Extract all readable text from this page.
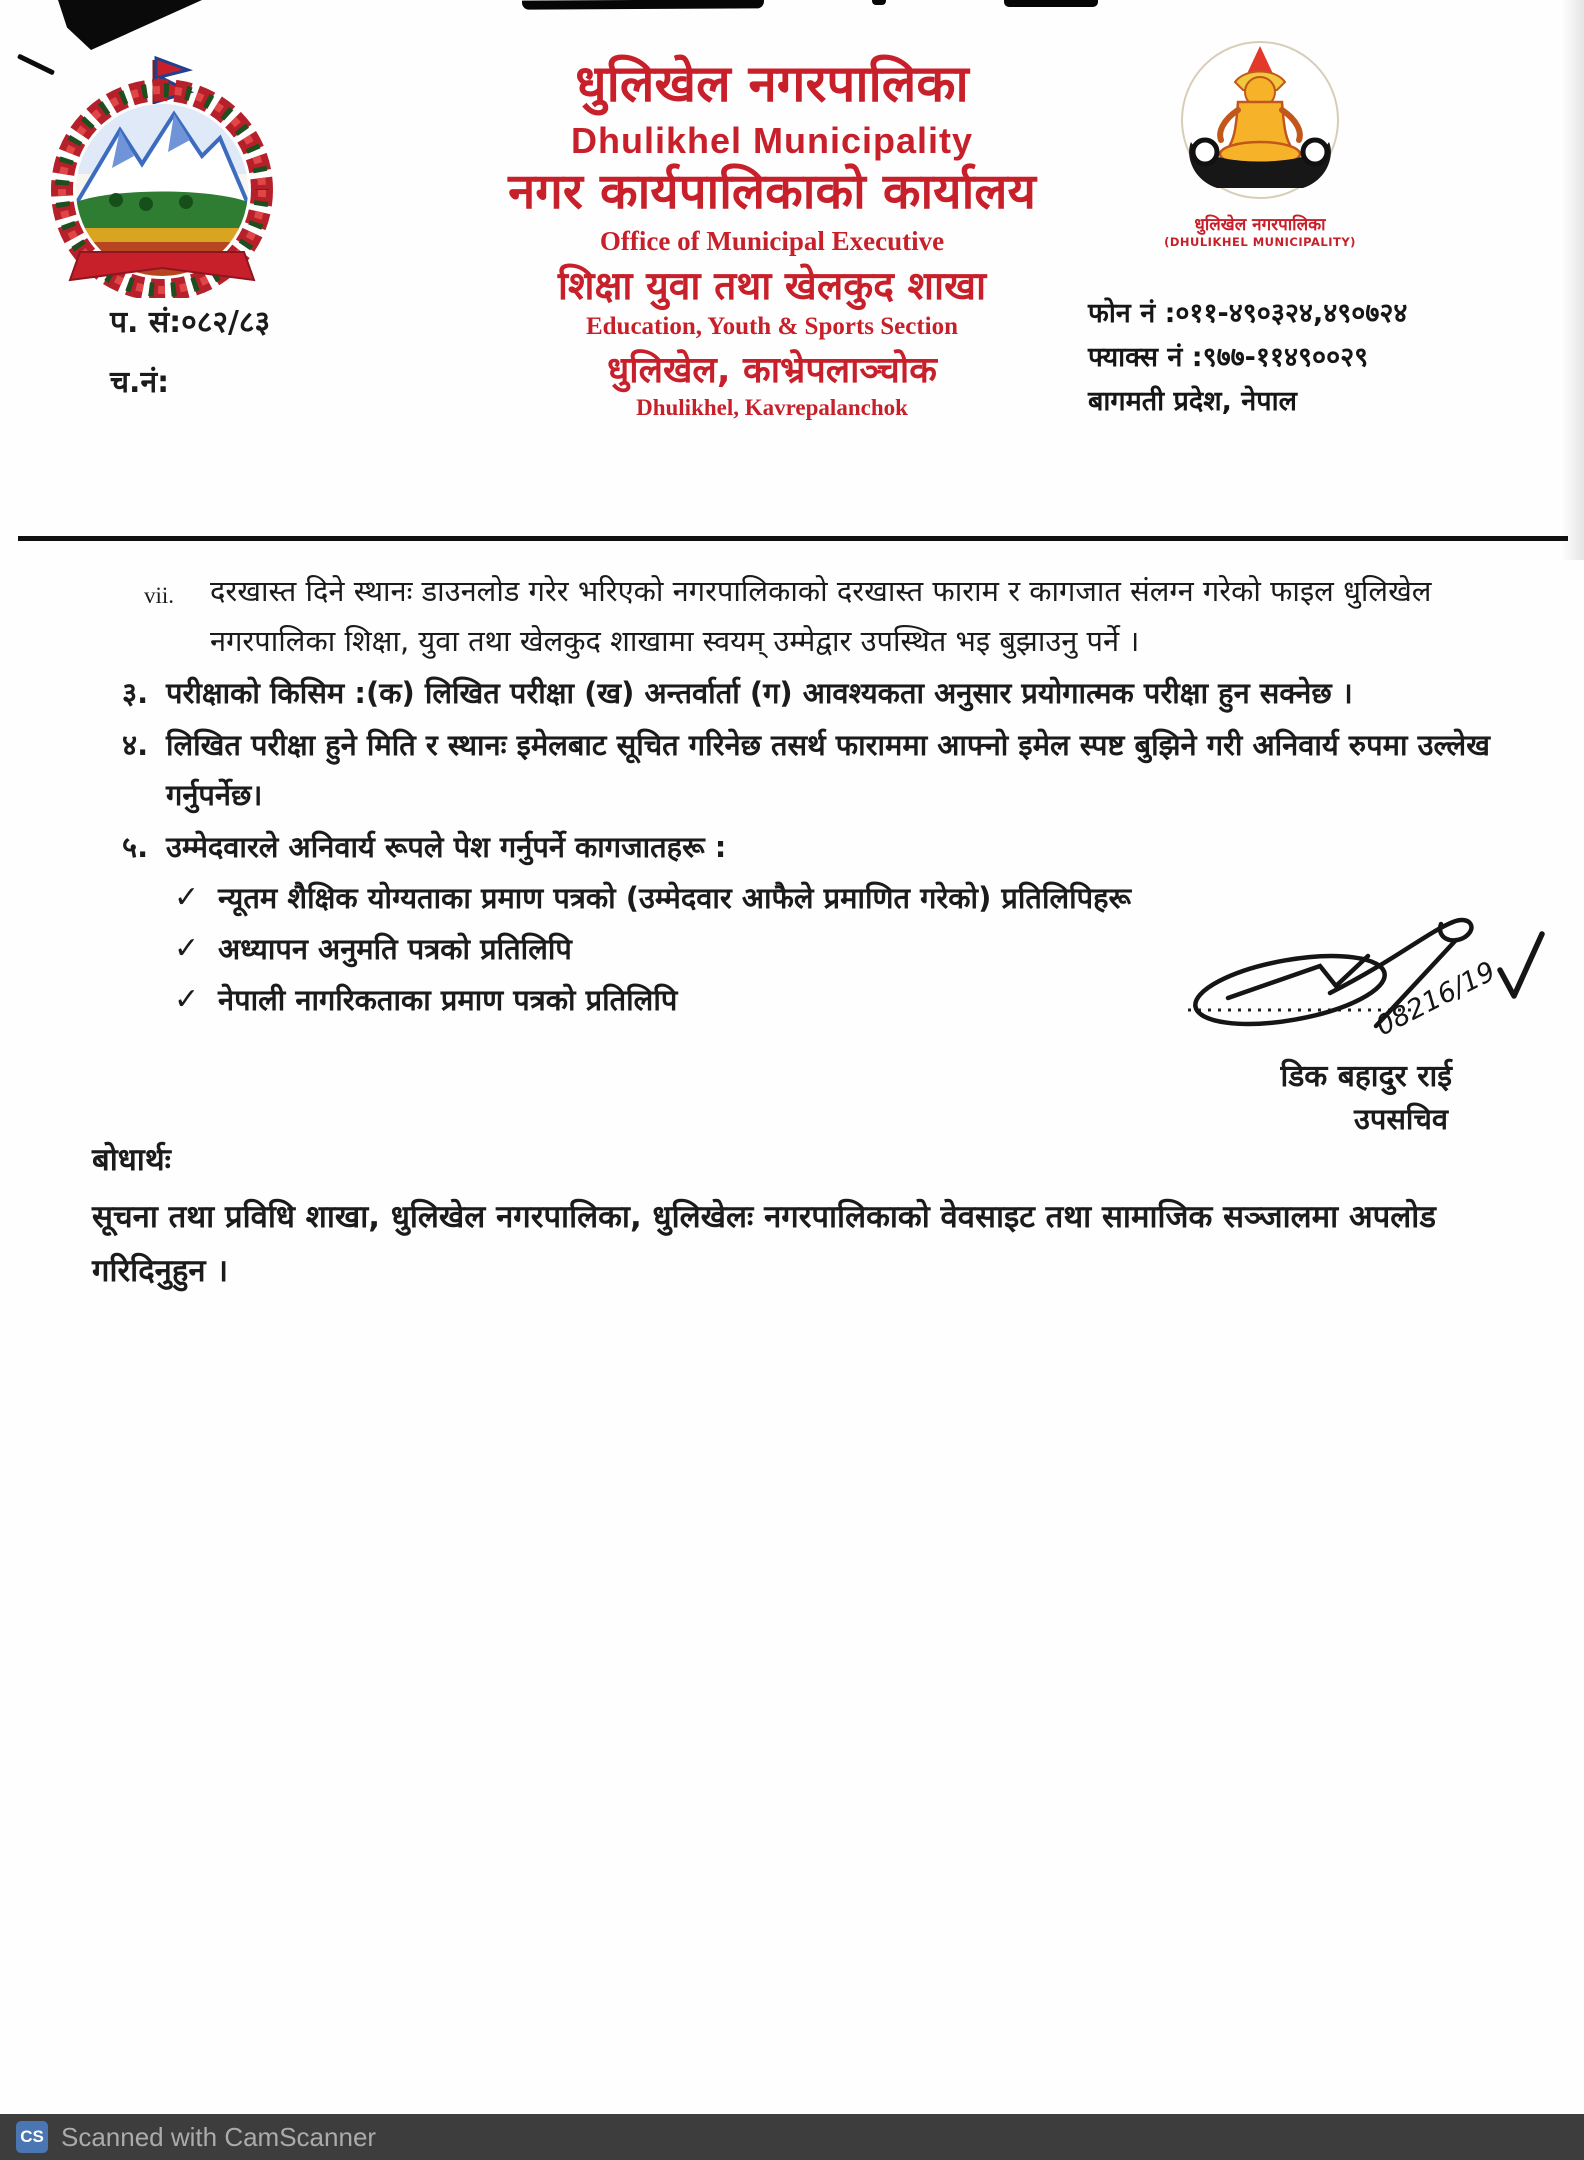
धुलिखेल नगरपालिका
Dhulikhel Municipality
नगर कार्यपालिकाको कार्यालय
Office of Municipal Executive
शिक्षा युवा तथा खेलकुद शाखा
Education, Youth & Sports Section
धुलिखेल, काभ्रेपलाञ्चोक
Dhulikhel, Kavrepalanchok
धुलिखेल नगरपालिका
(DHULIKHEL MUNICIPALITY)
प. सं:०८२/८३
च.नं:
फोन नं :०११-४९०३२४,४९०७२४
फ्याक्स नं :९७७-११४९००२९
बागमती प्रदेश, नेपाल
vii.	दरखास्त दिने स्थानः डाउनलोड गरेर भरिएको नगरपालिकाको दरखास्त फाराम र कागजात संलग्न गरेको फाइल धुलिखेल नगरपालिका शिक्षा, युवा तथा खेलकुद शाखामा स्वयम् उम्मेद्वार उपस्थित भइ बुझाउनु पर्ने ।
३. परीक्षाको किसिम :(क) लिखित परीक्षा (ख) अन्तर्वार्ता (ग) आवश्यकता अनुसार प्रयोगात्मक परीक्षा हुन सक्नेछ ।
४. लिखित परीक्षा हुने मिति र स्थानः इमेलबाट सूचित गरिनेछ तसर्थ फाराममा आफ्नो इमेल स्पष्ट बुझिने गरी अनिवार्य रुपमा उल्लेख गर्नुपर्नेछ।
५. उम्मेदवारले अनिवार्य रूपले पेश गर्नुपर्ने कागजातहरू :
✓ न्यूतम शैक्षिक योग्यताका प्रमाण पत्रको (उम्मेदवार आफैले प्रमाणित गरेको) प्रतिलिपिहरू
✓ अध्यापन अनुमति पत्रको प्रतिलिपि
✓ नेपाली नागरिकताका प्रमाण पत्रको प्रतिलिपि	08216/19
डिक बहादुर राई
उपसचिव
बोधार्थः
सूचना तथा प्रविधि शाखा, धुलिखेल नगरपालिका, धुलिखेलः नगरपालिकाको वेवसाइट तथा सामाजिक सञ्जालमा अपलोड गरिदिनुहुन ।
CS Scanned with CamScanner
